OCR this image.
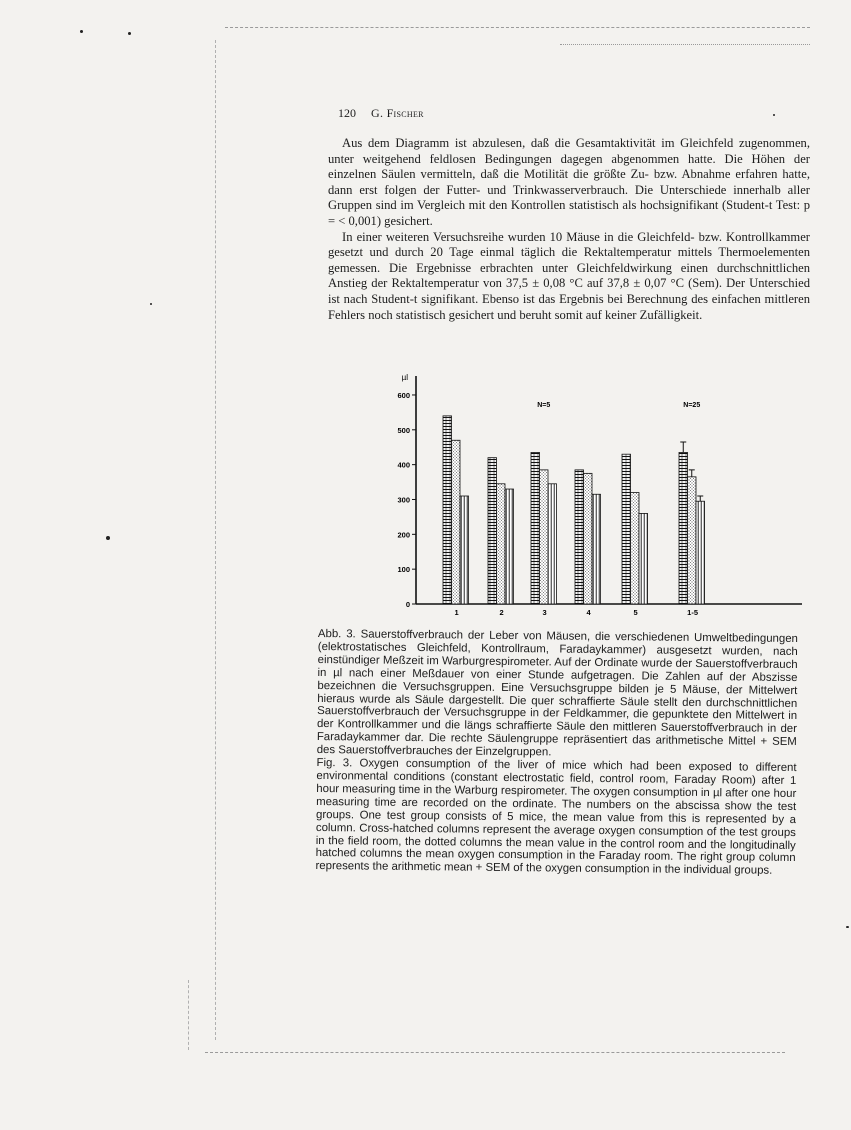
120 G. Fischer

Aus dem Diagramm ist abzulesen, daß die Gesamtaktivität im Gleichfeld zugenommen, unter weitgehend feldlosen Bedingungen dagegen abgenommen hatte. Die Höhen der einzelnen Säulen vermitteln, daß die Motilität die größte Zu- bzw. Abnahme erfahren hatte, dann erst folgen der Futter- und Trinkwasserverbrauch. Die Unterschiede innerhalb aller Gruppen sind im Vergleich mit den Kontrollen statistisch als hochsignifikant (Student-t Test: p = < 0,001) gesichert.

In einer weiteren Versuchsreihe wurden 10 Mäuse in die Gleichfeld- bzw. Kontrollkammer gesetzt und durch 20 Tage einmal täglich die Rektaltemperatur mittels Thermoelementen gemessen. Die Ergebnisse erbrachten unter Gleichfeldwirkung einen durchschnittlichen Anstieg der Rektaltemperatur von 37,5 ± 0,08 °C auf 37,8 ± 0,07 °C (Sem). Der Unterschied ist nach Student-t signifikant. Ebenso ist das Ergebnis bei Berechnung des einfachen mittleren Fehlers noch statistisch gesichert und beruht somit auf keiner Zufälligkeit.

µl
0
100
200
300
400
500
600
1	2	3	4	5	1-5
N=5	N=25

Abb. 3. Sauerstoffverbrauch der Leber von Mäusen, die verschiedenen Umweltbedingungen (elektrostatisches Gleichfeld, Kontrollraum, Faradaykammer) ausgesetzt wurden, nach einstündiger Meßzeit im Warburgrespirometer. Auf der Ordinate wurde der Sauerstoffverbrauch in µl nach einer Meßdauer von einer Stunde aufgetragen. Die Zahlen auf der Abszisse bezeichnen die Versuchsgruppen. Eine Versuchsgruppe bilden je 5 Mäuse, der Mittelwert hieraus wurde als Säule dargestellt. Die quer schraffierte Säule stellt den durchschnittlichen Sauerstoffverbrauch der Versuchsgruppe in der Feldkammer, die gepunktete den Mittelwert in der Kontrollkammer und die längs schraffierte Säule den mittleren Sauerstoffverbrauch in der Faradaykammer dar. Die rechte Säulengruppe repräsentiert das arithmetische Mittel + SEM des Sauerstoffverbrauches der Einzelgruppen.

Fig. 3. Oxygen consumption of the liver of mice which had been exposed to different environmental conditions (constant electrostatic field, control room, Faraday Room) after 1 hour measuring time in the Warburg respirometer. The oxygen consumption in µl after one hour measuring time are recorded on the ordinate. The numbers on the abscissa show the test groups. One test group consists of 5 mice, the mean value from this is represented by a column. Cross-hatched columns represent the average oxygen consumption of the test groups in the field room, the dotted columns the mean value in the control room and the longitudinally hatched columns the mean oxygen consumption in the Faraday room. The right group column represents the arithmetic mean + SEM of the oxygen consumption in the individual groups.
